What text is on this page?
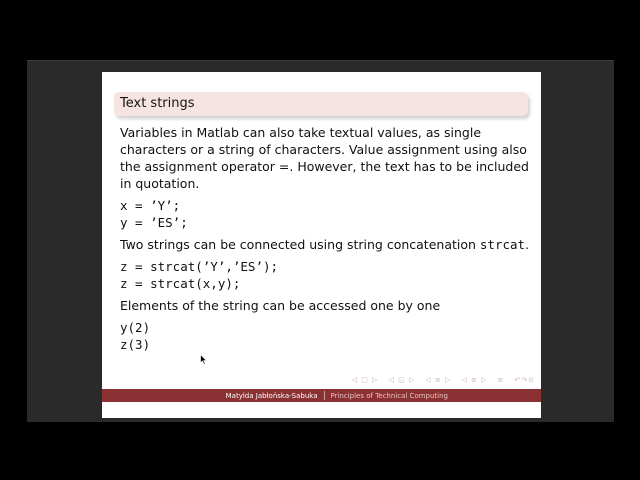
Text strings

Variables in Matlab can also take textual values, as single characters or a string of characters. Value assignment using also the assignment operator =. However, the text has to be included in quotation.

x = ’Y’;

y = ’ES’;

Two strings can be connected using string concatenation strcat.

z = strcat(’Y’,’ES’);

z = strcat(x,y);

Elements of the string can be accessed one by one

y(2)

z(3)

◁ □ ▷ ◁ ◱ ▷ ◁ ≡ ▷ ◁ ≡ ▷ ≡ ↶↷⊙
Matylda Jabłońska-Sabuka	Principles of Technical Computing
